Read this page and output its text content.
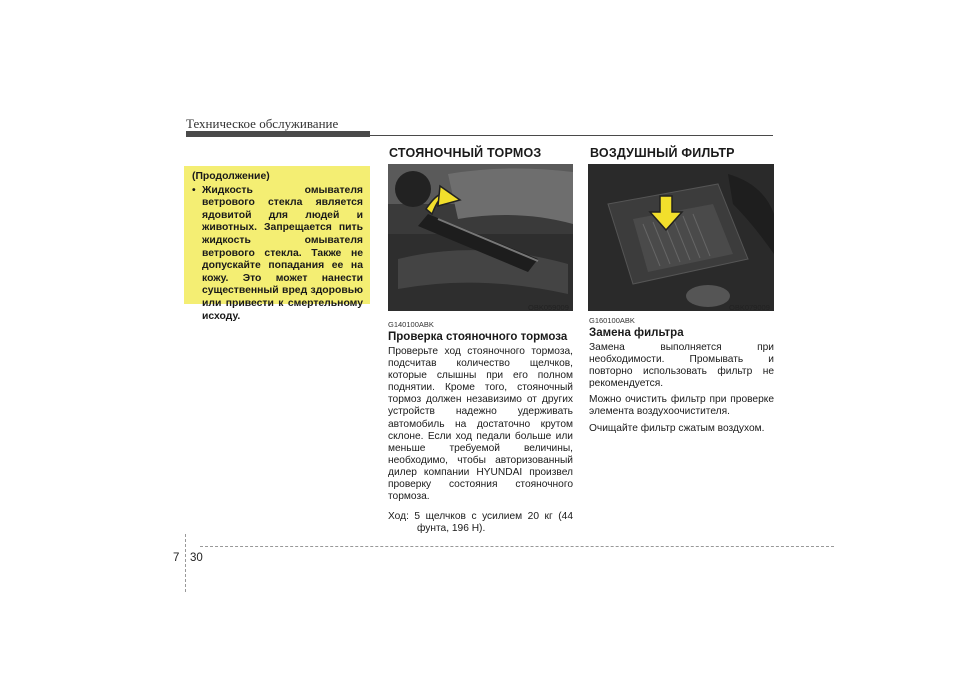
Техническое обслуживание
(Продолжение)
• Жидкость омывателя ветрового стекла является ядовитой для людей и животных. Запрещается пить жидкость омывателя ветрового стекла. Также не допускайте попадания ее на кожу. Это может нанести существенный вред здоровью или привести к смертельному исходу.
СТОЯНОЧНЫЙ ТОРМОЗ
OBK059009
G140100ABK
Проверка стояночного тормоза

Проверьте ход стояночного тормоза, подсчитав количество щелчков, которые слышны при его полном поднятии. Кроме того, стояночный тормоз должен незавизимо от других устройств надежно удерживать автомобиль на достаточно крутом склоне. Если ход педали больше или меньше требуемой величины, необходимо, чтобы авторизованный дилер компании HYUNDAI произвел проверку состояния стояночного тормоза.

Ход: 5 щелчков с усилием 20 кг (44 фунта, 196 Н).

ВОЗДУШНЫЙ ФИЛЬТР
OBK079009
G160100ABK
Замена фильтра

Замена выполняется при необходимости. Промывать и повторно использовать фильтр не рекомендуется.

Можно очистить фильтр при проверке элемента воздухоочистителя.

Очищайте фильтр сжатым воздухом.

7 30
